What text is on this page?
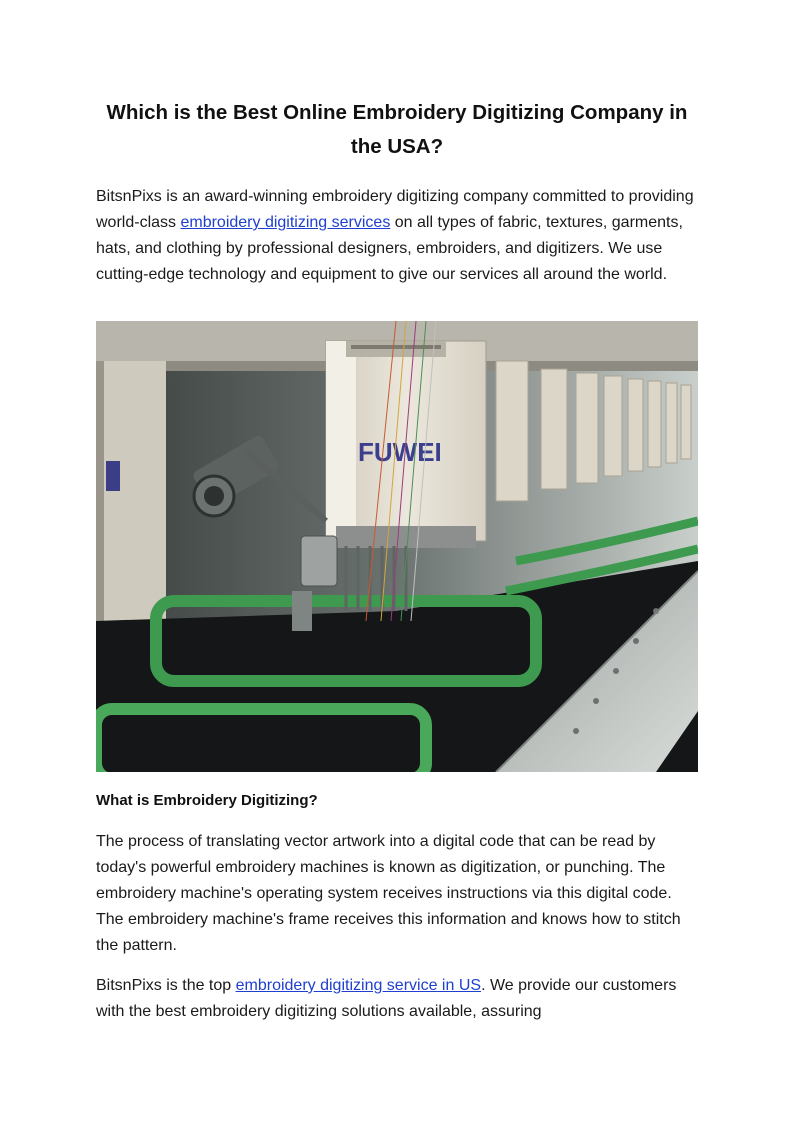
Which is the Best Online Embroidery Digitizing Company in the USA?

BitsnPixs is an award-winning embroidery digitizing company committed to providing world-class embroidery digitizing services on all types of fabric, textures, garments, hats, and clothing by professional designers, embroiders, and digitizers. We use cutting-edge technology and equipment to give our services all around the world.

FUWEI
What is Embroidery Digitizing?

The process of translating vector artwork into a digital code that can be read by today's powerful embroidery machines is known as digitization, or punching. The embroidery machine's operating system receives instructions via this digital code. The embroidery machine's frame receives this information and knows how to stitch the pattern.

BitsnPixs is the top embroidery digitizing service in US. We provide our customers with the best embroidery digitizing solutions available, assuring
